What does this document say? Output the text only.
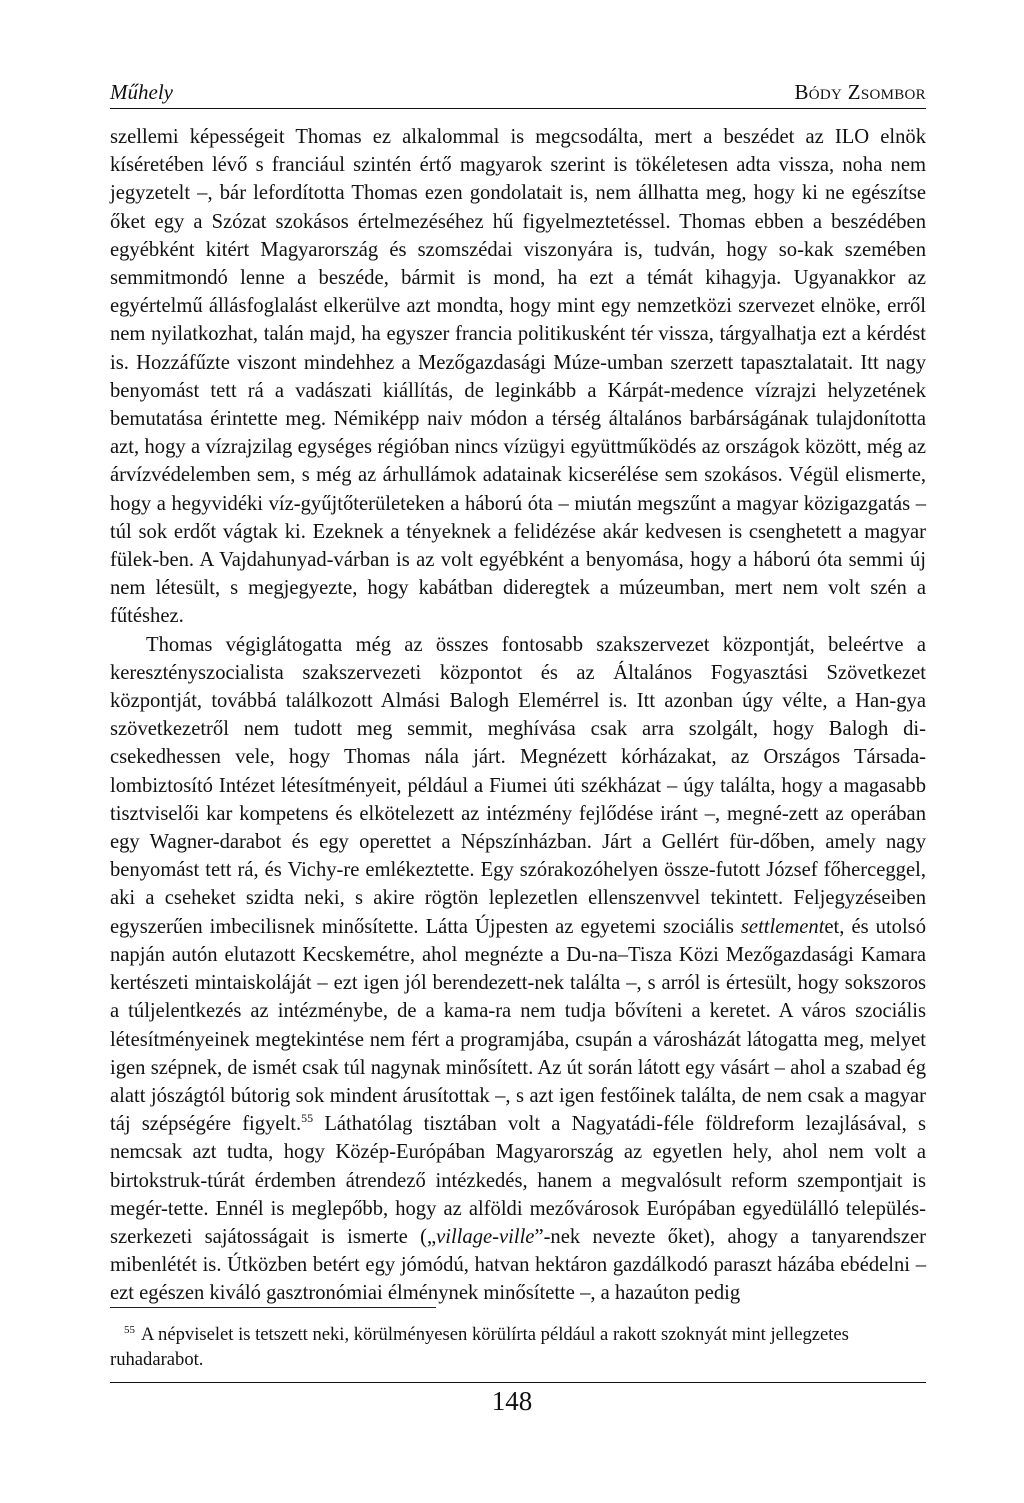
Műhely	Bódy Zsombor

szellemi képességeit Thomas ez alkalommal is megcsodálta, mert a beszédet az ILO elnök kíséretében lévő s franciául szintén értő magyarok szerint is tökéletesen adta vissza, noha nem jegyzetelt –, bár lefordította Thomas ezen gondolatait is, nem állhatta meg, hogy ki ne egészítse őket egy a Szózat szokásos értelmezéséhez hű figyelmeztetéssel. Thomas ebben a beszédében egyébként kitért Magyarország és szomszédai viszonyára is, tudván, hogy so-kak szemében semmitmondó lenne a beszéde, bármit is mond, ha ezt a témát kihagyja. Ugyanakkor az egyértelmű állásfoglalást elkerülve azt mondta, hogy mint egy nemzetközi szervezet elnöke, erről nem nyilatkozhat, talán majd, ha egyszer francia politikusként tér vissza, tárgyalhatja ezt a kérdést is. Hozzáfűzte viszont mindehhez a Mezőgazdasági Múze-umban szerzett tapasztalatait. Itt nagy benyomást tett rá a vadászati kiállítás, de leginkább a Kárpát-medence vízrajzi helyzetének bemutatása érintette meg. Némiképp naiv módon a térség általános barbárságának tulajdonította azt, hogy a vízrajzilag egységes régióban nincs vízügyi együttműködés az országok között, még az árvízvédelemben sem, s még az árhullámok adatainak kicserélése sem szokásos. Végül elismerte, hogy a hegyvidéki víz-gyűjtőterületeken a háború óta – miután megszűnt a magyar közigazgatás – túl sok erdőt vágtak ki. Ezeknek a tényeknek a felidézése akár kedvesen is csenghetett a magyar fülek-ben. A Vajdahunyad-várban is az volt egyébként a benyomása, hogy a háború óta semmi új nem létesült, s megjegyezte, hogy kabátban dideregtek a múzeumban, mert nem volt szén a fűtéshez.

Thomas végiglátogatta még az összes fontosabb szakszervezet központját, beleértve a keresztényszocialista szakszervezeti központot és az Általános Fogyasztási Szövetkezet központját, továbbá találkozott Almási Balogh Elemérrel is. Itt azonban úgy vélte, a Han-gya szövetkezetről nem tudott meg semmit, meghívása csak arra szolgált, hogy Balogh di-csekedhessen vele, hogy Thomas nála járt. Megnézett kórházakat, az Országos Társada-lombiztosító Intézet létesítményeit, például a Fiumei úti székházat – úgy találta, hogy a magasabb tisztviselői kar kompetens és elkötelezett az intézmény fejlődése iránt –, megné-zett az operában egy Wagner-darabot és egy operettet a Népszínházban. Járt a Gellért für-dőben, amely nagy benyomást tett rá, és Vichy-re emlékeztette. Egy szórakozóhelyen össze-futott József főherceggel, aki a cseheket szidta neki, s akire rögtön leplezetlen ellenszenvvel tekintett. Feljegyzéseiben egyszerűen imbecilisnek minősítette. Látta Újpesten az egyetemi szociális settlementet, és utolsó napján autón elutazott Kecskemétre, ahol megnézte a Du-na–Tisza Közi Mezőgazdasági Kamara kertészeti mintaiskoláját – ezt igen jól berendezett-nek találta –, s arról is értesült, hogy sokszoros a túljelentkezés az intézménybe, de a kama-ra nem tudja bővíteni a keretet. A város szociális létesítményeinek megtekintése nem fért a programjába, csupán a városházát látogatta meg, melyet igen szépnek, de ismét csak túl nagynak minősített. Az út során látott egy vásárt – ahol a szabad ég alatt jószágtól bútorig sok mindent árusítottak –, s azt igen festőinek találta, de nem csak a magyar táj szépségére figyelt.$^{55}$ Láthatólag tisztában volt a Nagyatádi-féle földreform lezajlásával, s nemcsak azt tudta, hogy Közép-Európában Magyarország az egyetlen hely, ahol nem volt a birtokstruk-túrát érdemben átrendező intézkedés, hanem a megvalósult reform szempontjait is megér-tette. Ennél is meglepőbb, hogy az alföldi mezővárosok Európában egyedülálló település-szerkezeti sajátosságait is ismerte („village-ville”-nek nevezte őket), ahogy a tanyarendszer mibenlétét is. Útközben betért egy jómódú, hatvan hektáron gazdálkodó paraszt házába ebédelni – ezt egészen kiváló gasztronómiai élménynek minősítette –, a hazaúton pedig

$^{55}$ A népviselet is tetszett neki, körülményesen körülírta például a rakott szoknyát mint jellegzetes ruhadarabot.
148
